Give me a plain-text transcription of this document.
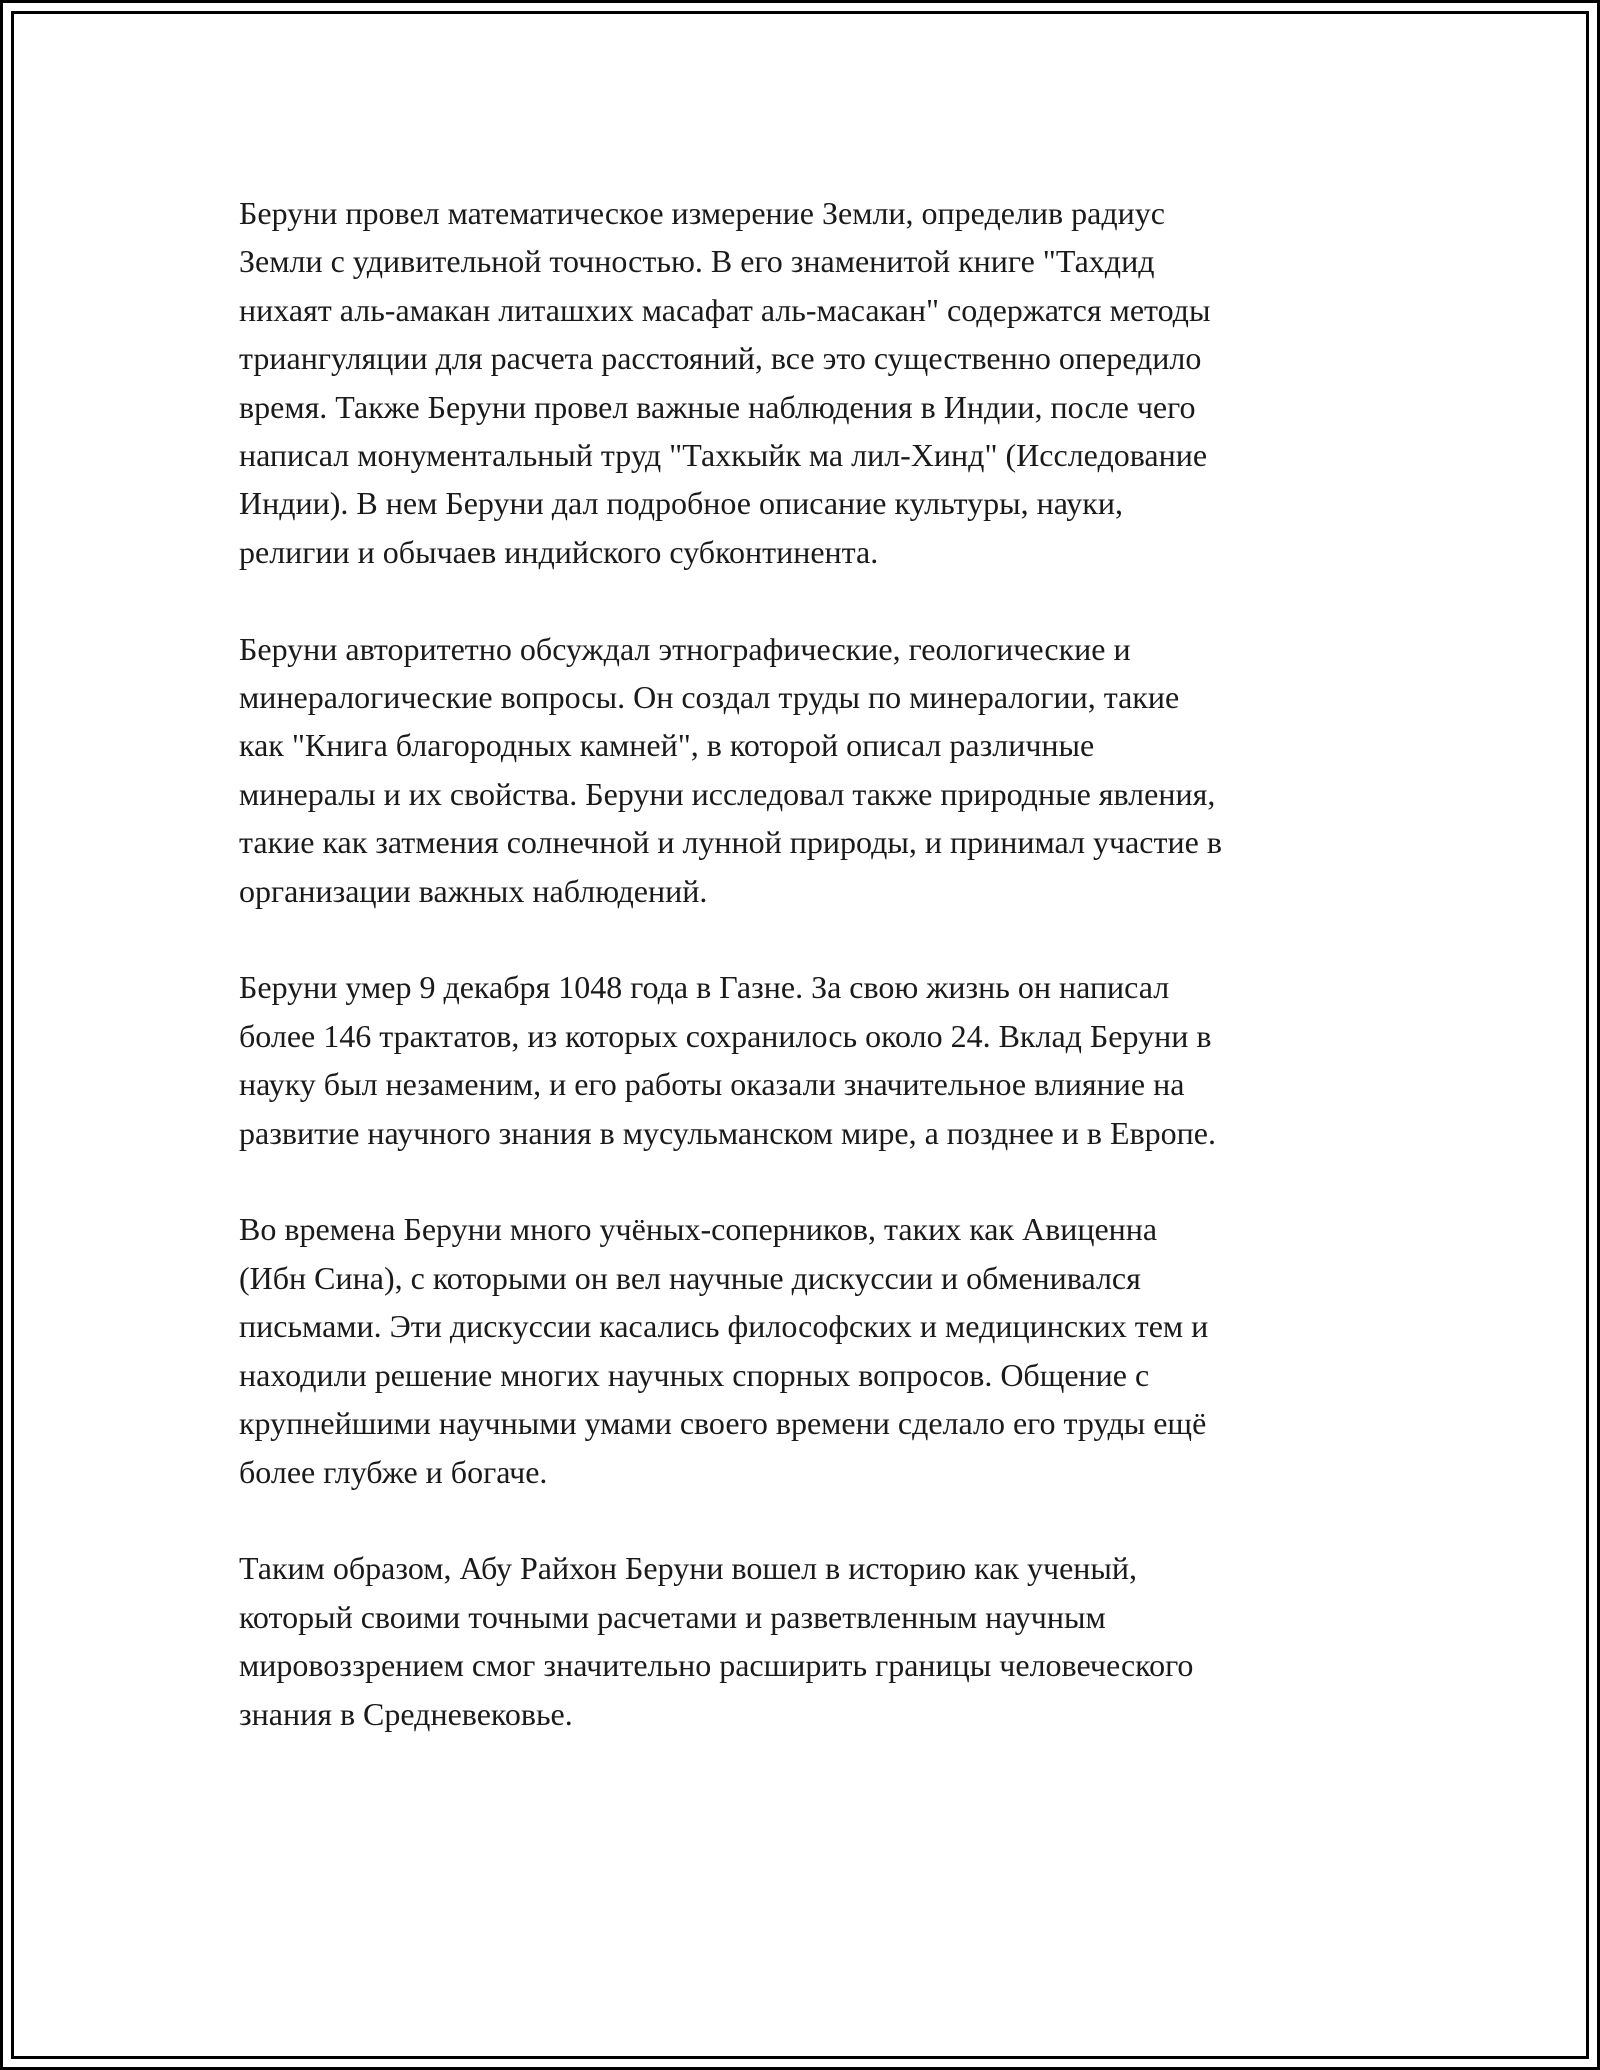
Беруни провел математическое измерение Земли, определив радиус
Земли с удивительной точностью. В его знаменитой книге "Тахдид
нихаят аль-амакан литашхих масафат аль-масакан" содержатся методы
триангуляции для расчета расстояний, все это существенно опередило
время. Также Беруни провел важные наблюдения в Индии, после чего
написал монументальный труд "Тахкыйк ма лил-Хинд" (Исследование
Индии). В нем Беруни дал подробное описание культуры, науки,
религии и обычаев индийского субконтинента.

Беруни авторитетно обсуждал этнографические, геологические и
минералогические вопросы. Он создал труды по минералогии, такие
как "Книга благородных камней", в которой описал различные
минералы и их свойства. Беруни исследовал также природные явления,
такие как затмения солнечной и лунной природы, и принимал участие в
организации важных наблюдений.

Беруни умер 9 декабря 1048 года в Газне. За свою жизнь он написал
более 146 трактатов, из которых сохранилось около 24. Вклад Беруни в
науку был незаменим, и его работы оказали значительное влияние на
развитие научного знания в мусульманском мире, а позднее и в Европе.

Во времена Беруни много учёных-соперников, таких как Авиценна
(Ибн Сина), с которыми он вел научные дискуссии и обменивался
письмами. Эти дискуссии касались философских и медицинских тем и
находили решение многих научных спорных вопросов. Общение с
крупнейшими научными умами своего времени сделало его труды ещё
более глубже и богаче.

Таким образом, Абу Райхон Беруни вошел в историю как ученый,
который своими точными расчетами и разветвленным научным
мировоззрением смог значительно расширить границы человеческого
знания в Средневековье.
